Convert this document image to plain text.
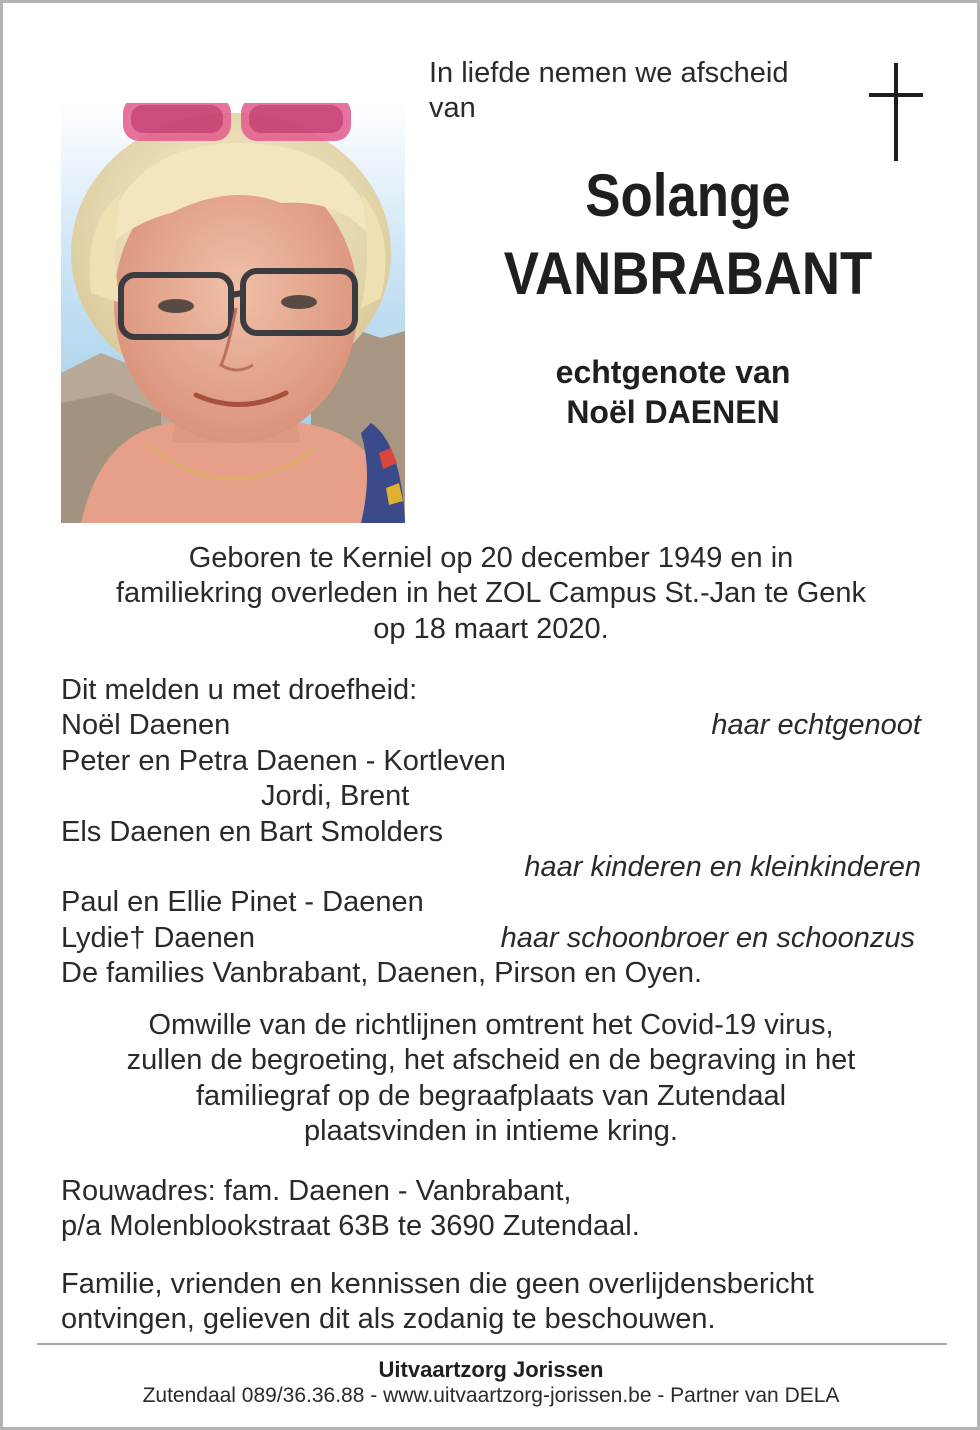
In liefde nemen we afscheid
van
Solange
VANBRABANT
echtgenote van
Noël DAENEN
Geboren te Kerniel op 20 december 1949 en in
familiekring overleden in het ZOL Campus St.-Jan te Genk
op 18 maart 2020.
Dit melden u met droefheid:
Noël Daenen	haar echtgenoot
Peter en Petra Daenen - Kortleven
Jordi, Brent
Els Daenen en Bart Smolders
haar kinderen en kleinkinderen
Paul en Ellie Pinet - Daenen
Lydie† Daenen	haar schoonbroer en schoonzus
De families Vanbrabant, Daenen, Pirson en Oyen.
Omwille van de richtlijnen omtrent het Covid-19 virus,
zullen de begroeting, het afscheid en de begraving in het
familiegraf op de begraafplaats van Zutendaal
plaatsvinden in intieme kring.
Rouwadres: fam. Daenen - Vanbrabant,
p/a Molenblookstraat 63B te 3690 Zutendaal.
Familie, vrienden en kennissen die geen overlijdensbericht
ontvingen, gelieven dit als zodanig te beschouwen.
Uitvaartzorg Jorissen
Zutendaal 089/36.36.88 - www.uitvaartzorg-jorissen.be - Partner van DELA
